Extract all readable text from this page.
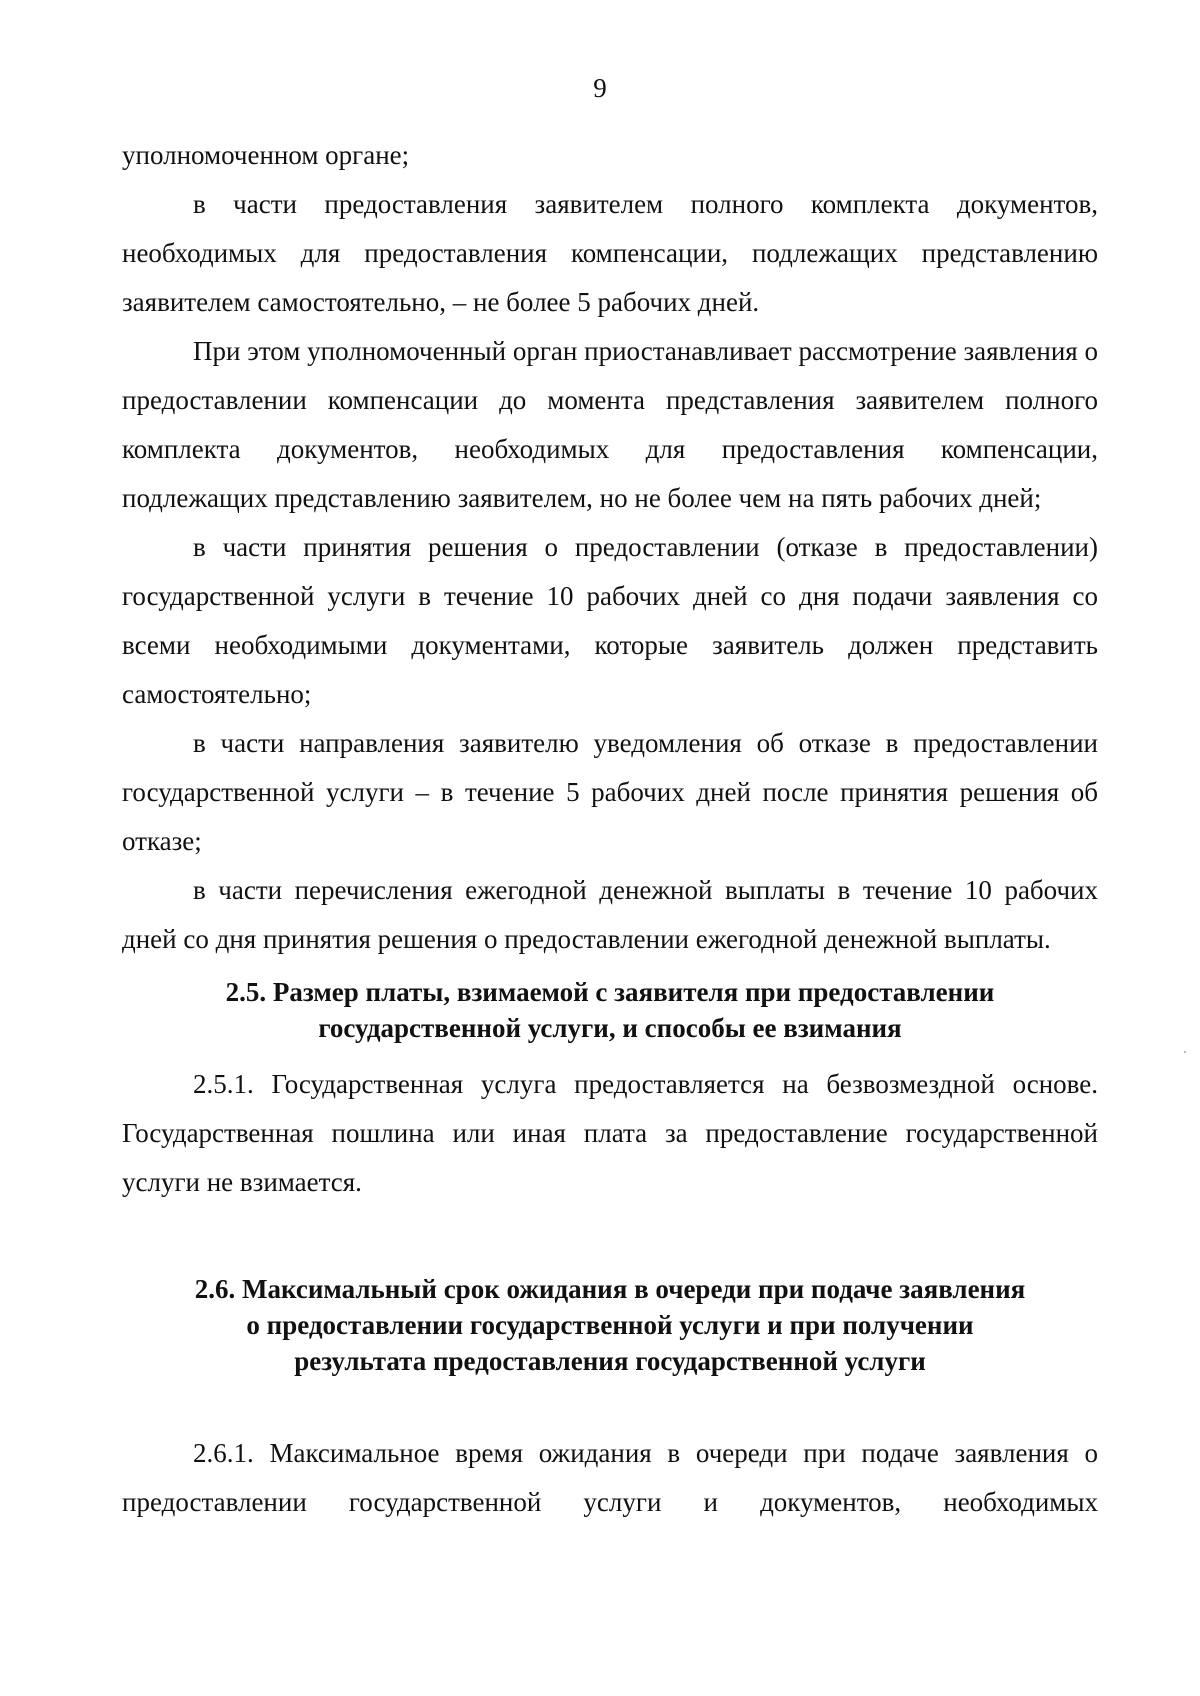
9

уполномоченном органе;

в части предоставления заявителем полного комплекта документов, необходимых для предоставления компенсации, подлежащих представлению заявителем самостоятельно, – не более 5 рабочих дней.

При этом уполномоченный орган приостанавливает рассмотрение заявления о предоставлении компенсации до момента представления заявителем полного комплекта документов, необходимых для предоставления компенсации, подлежащих представлению заявителем, но не более чем на пять рабочих дней;

в части принятия решения о предоставлении (отказе в предоставлении) государственной услуги в течение 10 рабочих дней со дня подачи заявления со всеми необходимыми документами, которые заявитель должен представить самостоятельно;

в части направления заявителю уведомления об отказе в предоставлении государственной услуги – в течение 5 рабочих дней после принятия решения об отказе;

в части перечисления ежегодной денежной выплаты в течение 10 рабочих дней со дня принятия решения о предоставлении ежегодной денежной выплаты.

2.5. Размер платы, взимаемой с заявителя при предоставлении
государственной услуги, и способы ее взимания

2.5.1. Государственная услуга предоставляется на безвозмездной основе. Государственная пошлина или иная плата за предоставление государственной услуги не взимается.

2.6. Максимальный срок ожидания в очереди при подаче заявления
о предоставлении государственной услуги и при получении
результата предоставления государственной услуги

2.6.1. Максимальное время ожидания в очереди при подаче заявления о предоставлении государственной услуги и документов, необходимых
